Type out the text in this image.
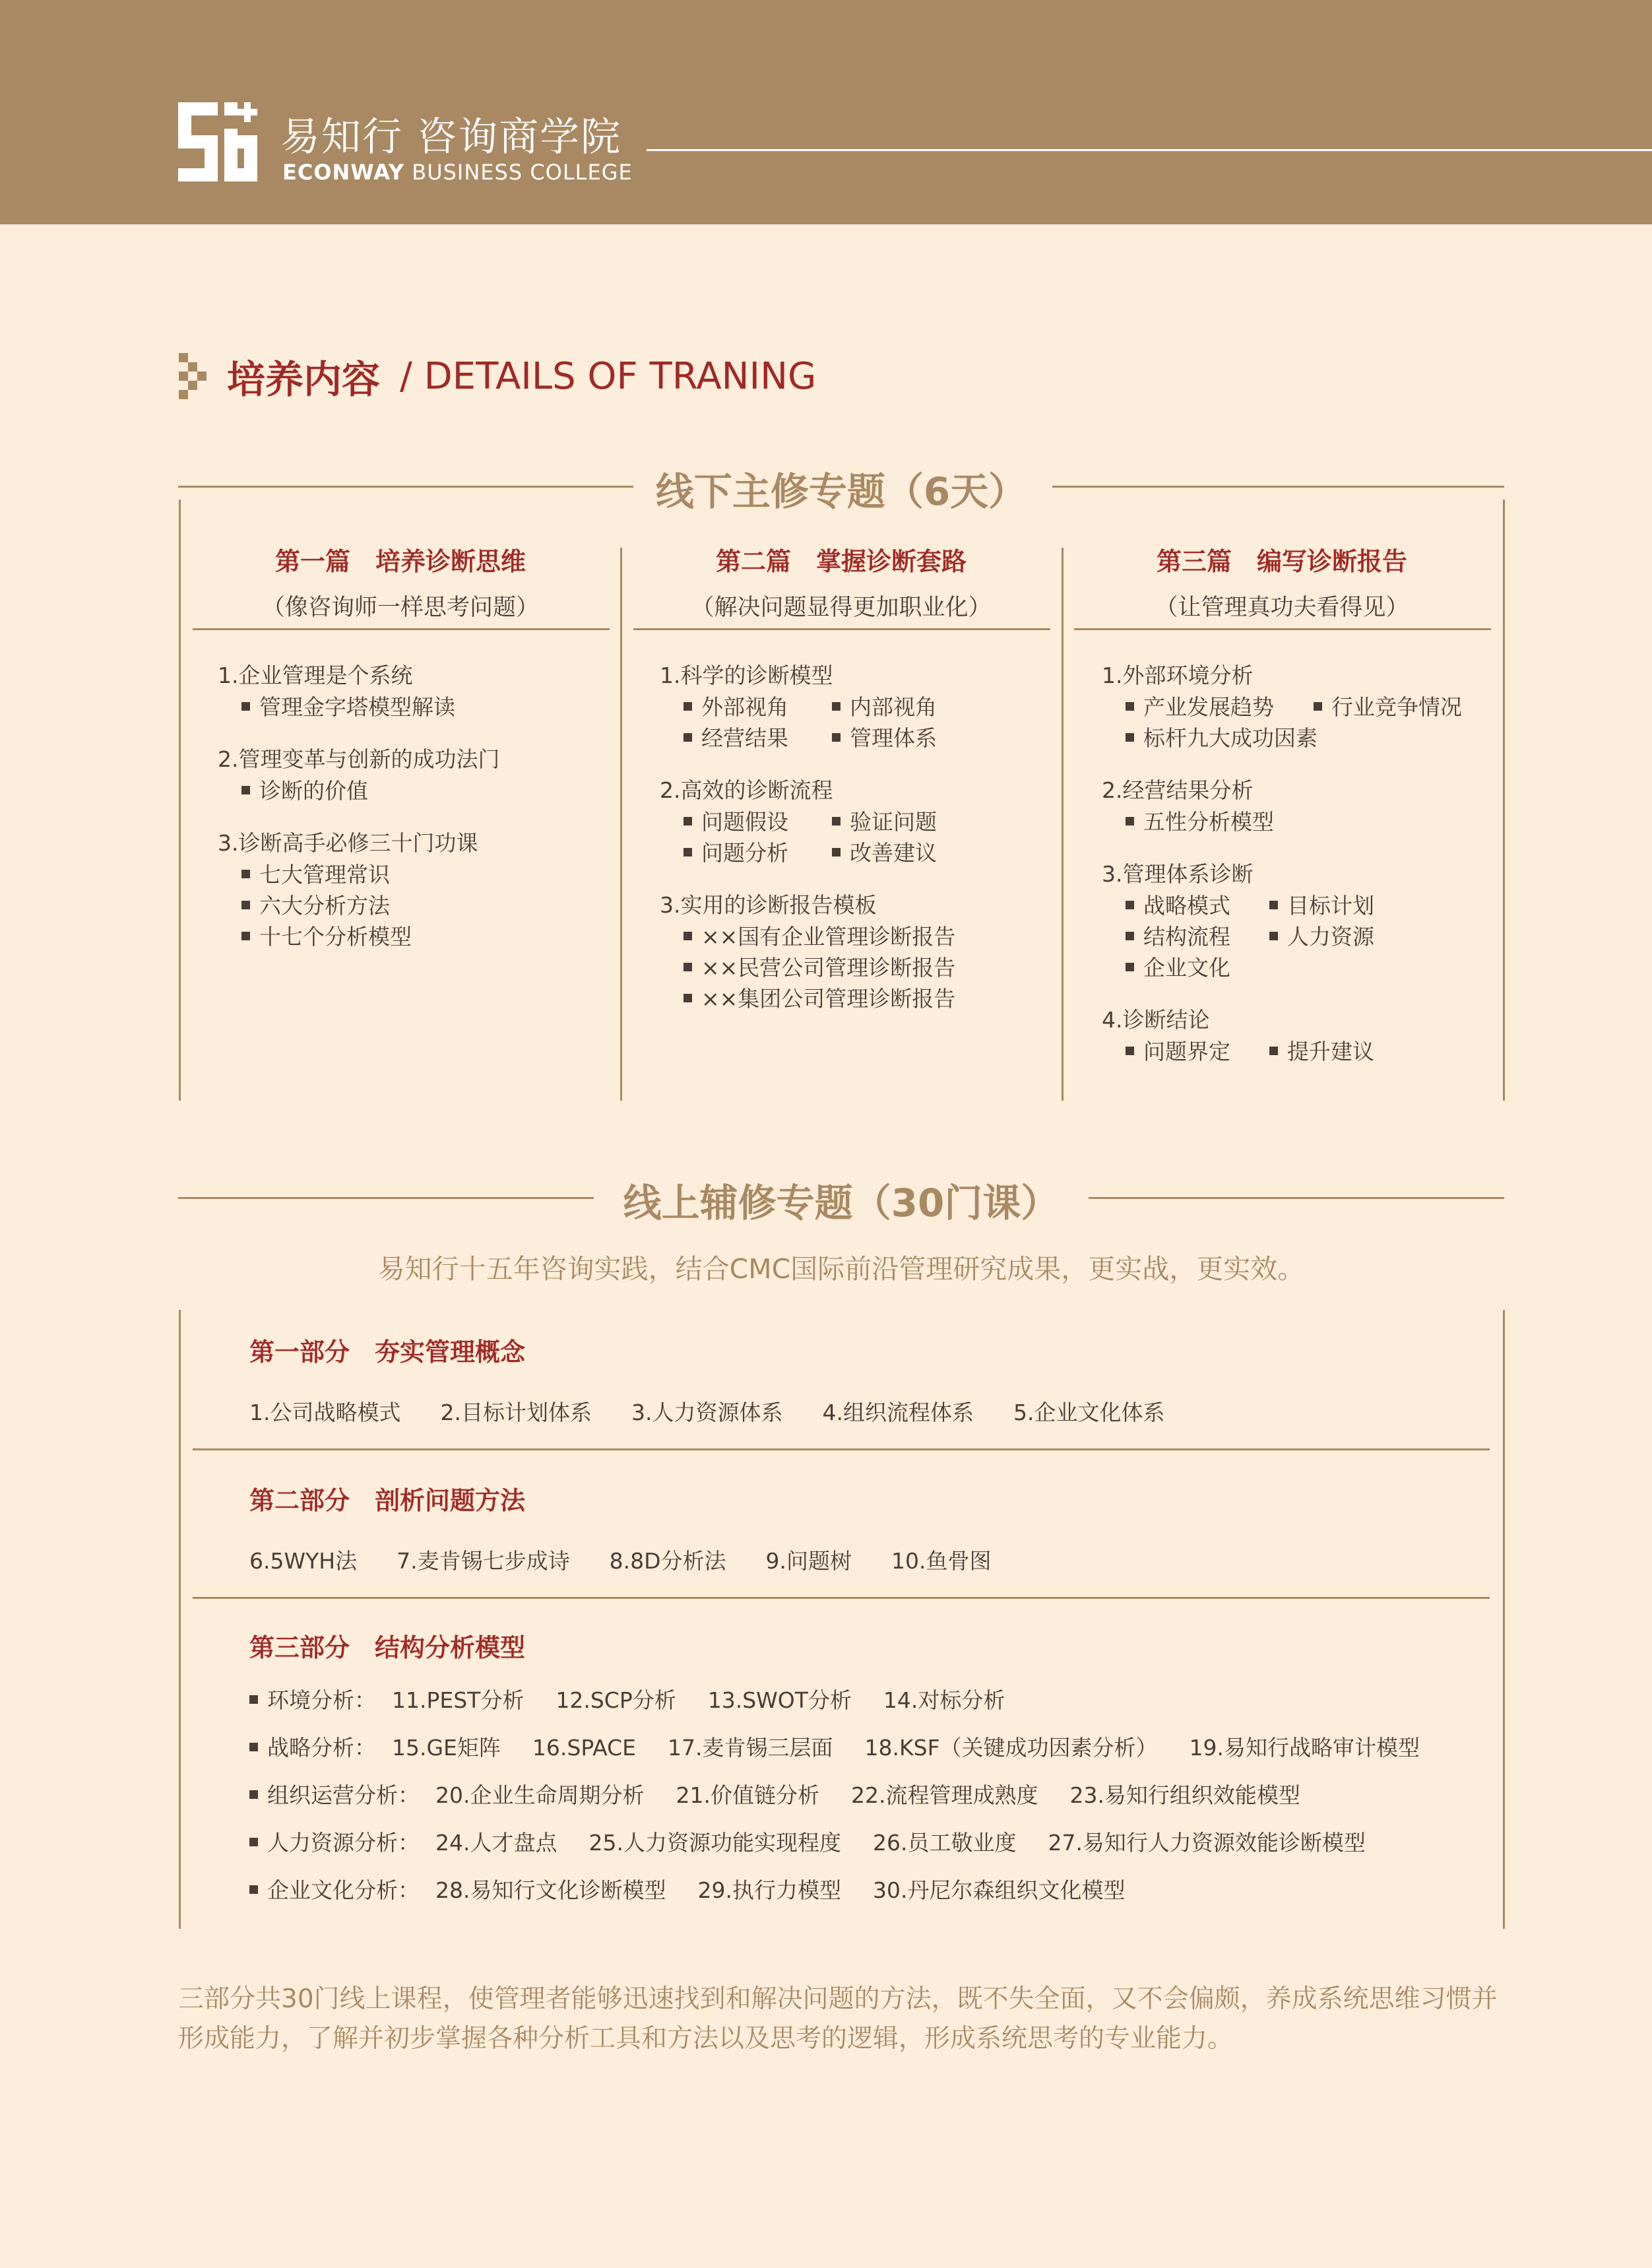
易知行 咨询商学院
ECONWAY BUSINESS COLLEGE
培养内容 / DETAILS OF TRANING
线下主修专题（6天）
第一篇　培养诊断思维
（像咨询师一样思考问题）
1.企业管理是个系统
管理金字塔模型解读
2.管理变革与创新的成功法门
诊断的价值
3.诊断高手必修三十门功课
七大管理常识
六大分析方法
十七个分析模型
第二篇　掌握诊断套路
（解决问题显得更加职业化）
1.科学的诊断模型
外部视角	内部视角
经营结果	管理体系
2.高效的诊断流程
问题假设	验证问题
问题分析	改善建议
3.实用的诊断报告模板
××国有企业管理诊断报告
××民营公司管理诊断报告
××集团公司管理诊断报告
第三篇　编写诊断报告
（让管理真功夫看得见）
1.外部环境分析
产业发展趋势	行业竞争情况
标杆九大成功因素
2.经营结果分析
五性分析模型
3.管理体系诊断
战略模式	目标计划
结构流程	人力资源
企业文化
4.诊断结论
问题界定	提升建议
线上辅修专题（30门课）
易知行十五年咨询实践，结合CMC国际前沿管理研究成果，更实战，更实效。
第一部分　夯实管理概念
1.公司战略模式 2.目标计划体系 3.人力资源体系 4.组织流程体系 5.企业文化体系
第二部分　剖析问题方法
6.5WYH法 7.麦肯锡七步成诗 8.8D分析法 9.问题树 10.鱼骨图
第三部分　结构分析模型
环境分析： 11.PEST分析 12.SCP分析 13.SWOT分析 14.对标分析
战略分析： 15.GE矩阵 16.SPACE 17.麦肯锡三层面 18.KSF（关键成功因素分析） 19.易知行战略审计模型
组织运营分析： 20.企业生命周期分析 21.价值链分析 22.流程管理成熟度 23.易知行组织效能模型
人力资源分析： 24.人才盘点 25.人力资源功能实现程度 26.员工敬业度 27.易知行人力资源效能诊断模型
企业文化分析： 28.易知行文化诊断模型 29.执行力模型 30.丹尼尔森组织文化模型
三部分共30门线上课程，使管理者能够迅速找到和解决问题的方法，既不失全面，又不会偏颇，养成系统思维习惯并
形成能力，了解并初步掌握各种分析工具和方法以及思考的逻辑，形成系统思考的专业能力。
